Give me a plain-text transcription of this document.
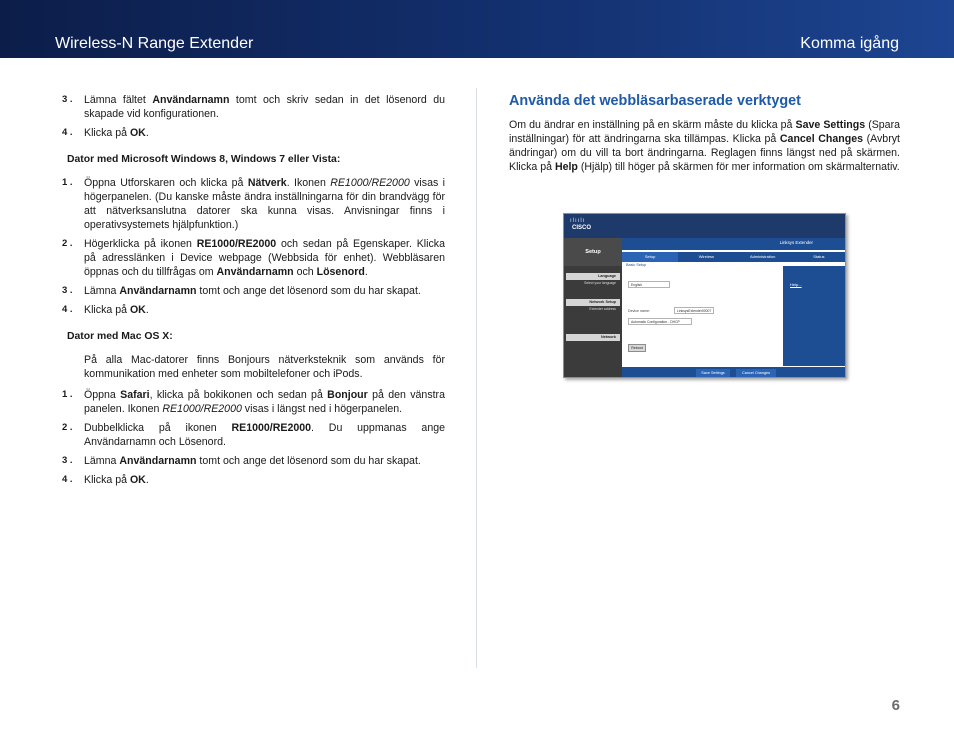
Wireless-N Range Extender	Komma igång
3 .	Lämna fältet Användarnamn tomt och skriv sedan in det lösenord du skapade vid konfigurationen.
4 .	Klicka på OK.
Dator med Microsoft Windows 8, Windows 7 eller Vista:
1 .	Öppna Utforskaren och klicka på Nätverk. Ikonen RE1000/RE2000 visas i högerpanelen. (Du kanske måste ändra inställningarna för din brandvägg för att nätverksanslutna datorer ska kunna visas. Anvisningar finns i operativsystemets hjälpfunktion.)
2 .	Högerklicka på ikonen RE1000/RE2000 och sedan på Egenskaper. Klicka på adresslänken i Device webpage (Webbsida för enhet). Webbläsaren öppnas och du tillfrågas om Användarnamn och Lösenord.
3 .	Lämna Användarnamn tomt och ange det lösenord som du har skapat.
4 .	Klicka på OK.
Dator med Mac OS X:
På alla Mac-datorer finns Bonjours nätverksteknik som används för kommunikation med enheter som mobiltelefoner och iPods.
1 .	Öppna Safari, klicka på bokikonen och sedan på Bonjour på den vänstra panelen. Ikonen RE1000/RE2000 visas i längst ned i högerpanelen.
2 .	Dubbelklicka på ikonen RE1000/RE2000. Du uppmanas ange Användarnamn och Lösenord.
3 .	Lämna Användarnamn tomt och ange det lösenord som du har skapat.
4 .	Klicka på OK.
Använda det webbläsarbaserade verktyget
Om du ändrar en inställning på en skärm måste du klicka på Save Settings (Spara inställningar) för att ändringarna ska tillämpas. Klicka på Cancel Changes (Avbryt ändringar) om du vill ta bort ändringarna. Reglagen finns längst ned på skärmen. Klicka på Help (Hjälp) till höger på skärmen för mer information om skärmalternativ.
ılıılı
CISCO
Setup
Linksys Extender
Setup	Wireless	Administration	Status
Basic Setup
Help...
Language
Select your language
Network Setup
Extender address
Network
English
Device name:	LinksysExtender00007
Automatic Configuration - DHCP
Reboot
Save Settings	Cancel Changes
6
